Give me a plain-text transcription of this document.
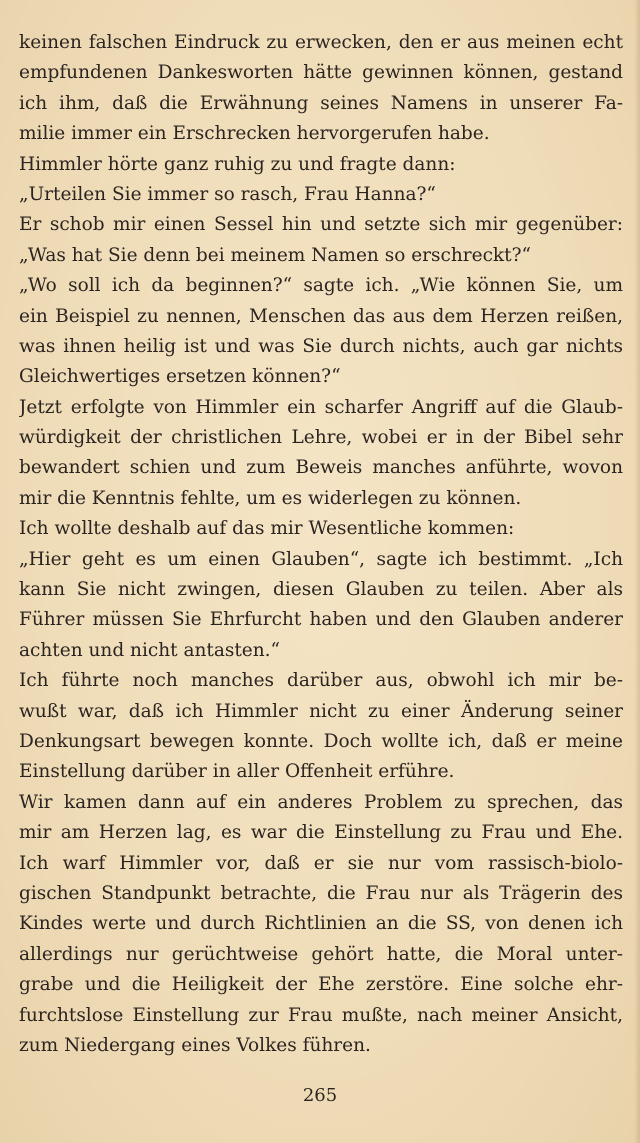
keinen falschen Eindruck zu erwecken, den er aus meinen echt
empfundenen Dankesworten hätte gewinnen können, gestand
ich ihm, daß die Erwähnung seines Namens in unserer Fa-
milie immer ein Erschrecken hervorgerufen habe.
Himmler hörte ganz ruhig zu und fragte dann:
„Urteilen Sie immer so rasch, Frau Hanna?“
Er schob mir einen Sessel hin und setzte sich mir gegenüber:
„Was hat Sie denn bei meinem Namen so erschreckt?“
„Wo soll ich da beginnen?“ sagte ich. „Wie können Sie, um
ein Beispiel zu nennen, Menschen das aus dem Herzen reißen,
was ihnen heilig ist und was Sie durch nichts, auch gar nichts
Gleichwertiges ersetzen können?“
Jetzt erfolgte von Himmler ein scharfer Angriff auf die Glaub-
würdigkeit der christlichen Lehre, wobei er in der Bibel sehr
bewandert schien und zum Beweis manches anführte, wovon
mir die Kenntnis fehlte, um es widerlegen zu können.
Ich wollte deshalb auf das mir Wesentliche kommen:
„Hier geht es um einen Glauben“, sagte ich bestimmt. „Ich
kann Sie nicht zwingen, diesen Glauben zu teilen. Aber als
Führer müssen Sie Ehrfurcht haben und den Glauben anderer
achten und nicht antasten.“
Ich führte noch manches darüber aus, obwohl ich mir be-
wußt war, daß ich Himmler nicht zu einer Änderung seiner
Denkungsart bewegen konnte. Doch wollte ich, daß er meine
Einstellung darüber in aller Offenheit erführe.
Wir kamen dann auf ein anderes Problem zu sprechen, das
mir am Herzen lag, es war die Einstellung zu Frau und Ehe.
Ich warf Himmler vor, daß er sie nur vom rassisch-biolo-
gischen Standpunkt betrachte, die Frau nur als Trägerin des
Kindes werte und durch Richtlinien an die SS, von denen ich
allerdings nur gerüchtweise gehört hatte, die Moral unter-
grabe und die Heiligkeit der Ehe zerstöre. Eine solche ehr-
furchtslose Einstellung zur Frau mußte, nach meiner Ansicht,
zum Niedergang eines Volkes führen.
265
